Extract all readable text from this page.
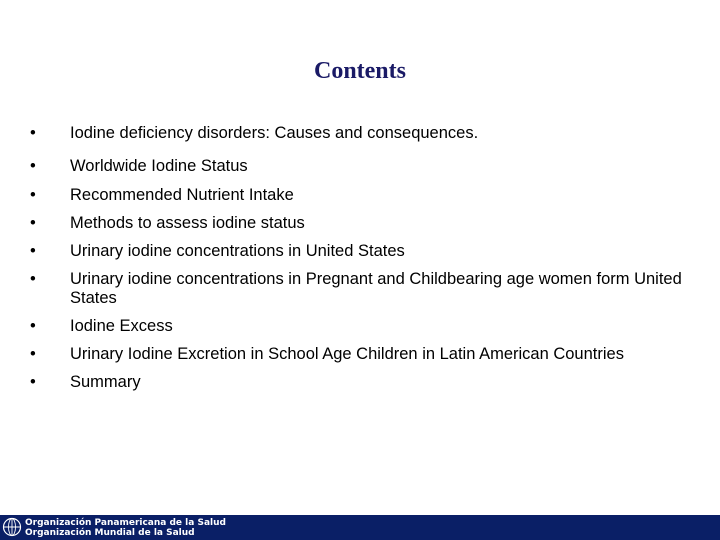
Contents
•	Iodine deficiency disorders: Causes and consequences.
•	Worldwide Iodine Status
•	Recommended Nutrient Intake
•	Methods to assess iodine status
•	Urinary iodine concentrations in United States
•	Urinary iodine concentrations in Pregnant and Childbearing age women form United States
•	Iodine Excess
•	Urinary Iodine Excretion in School Age Children in Latin American Countries
•	Summary
Organización Panamericana de la Salud
Organización Mundial de la Salud
